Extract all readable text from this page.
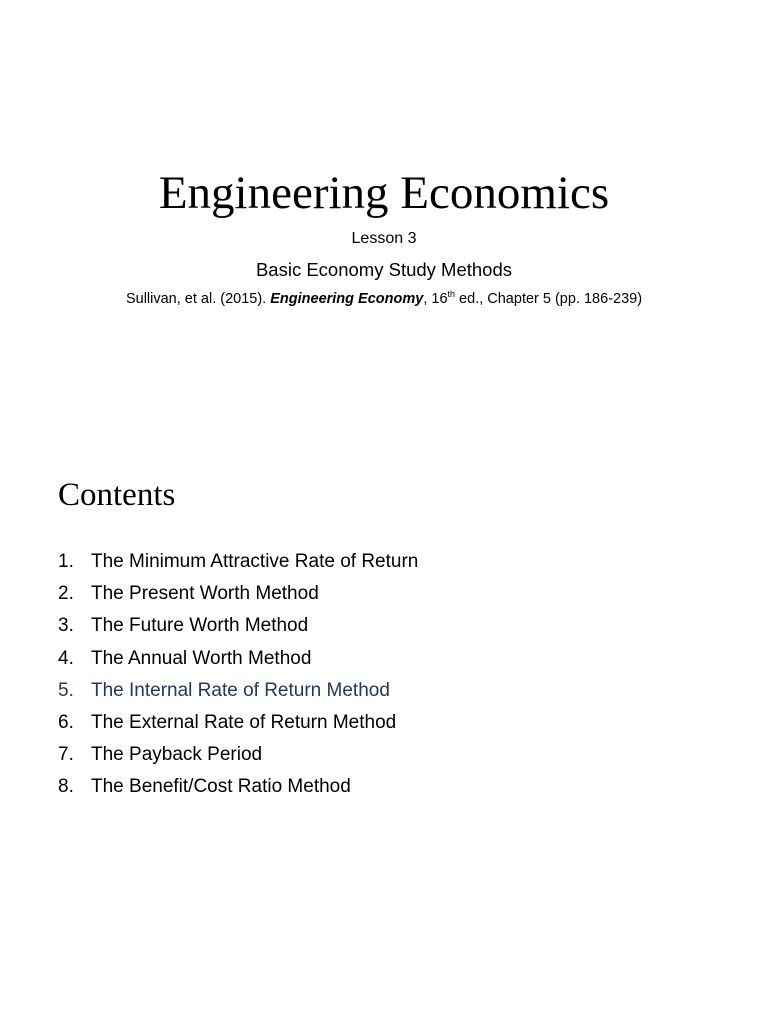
Engineering Economics
Lesson 3
Basic Economy Study Methods
Sullivan, et al. (2015). Engineering Economy, 16th ed., Chapter 5 (pp. 186-239)
Contents
1. The Minimum Attractive Rate of Return
2. The Present Worth Method
3. The Future Worth Method
4. The Annual Worth Method
5. The Internal Rate of Return Method
6. The External Rate of Return Method
7. The Payback Period
8. The Benefit/Cost Ratio Method
